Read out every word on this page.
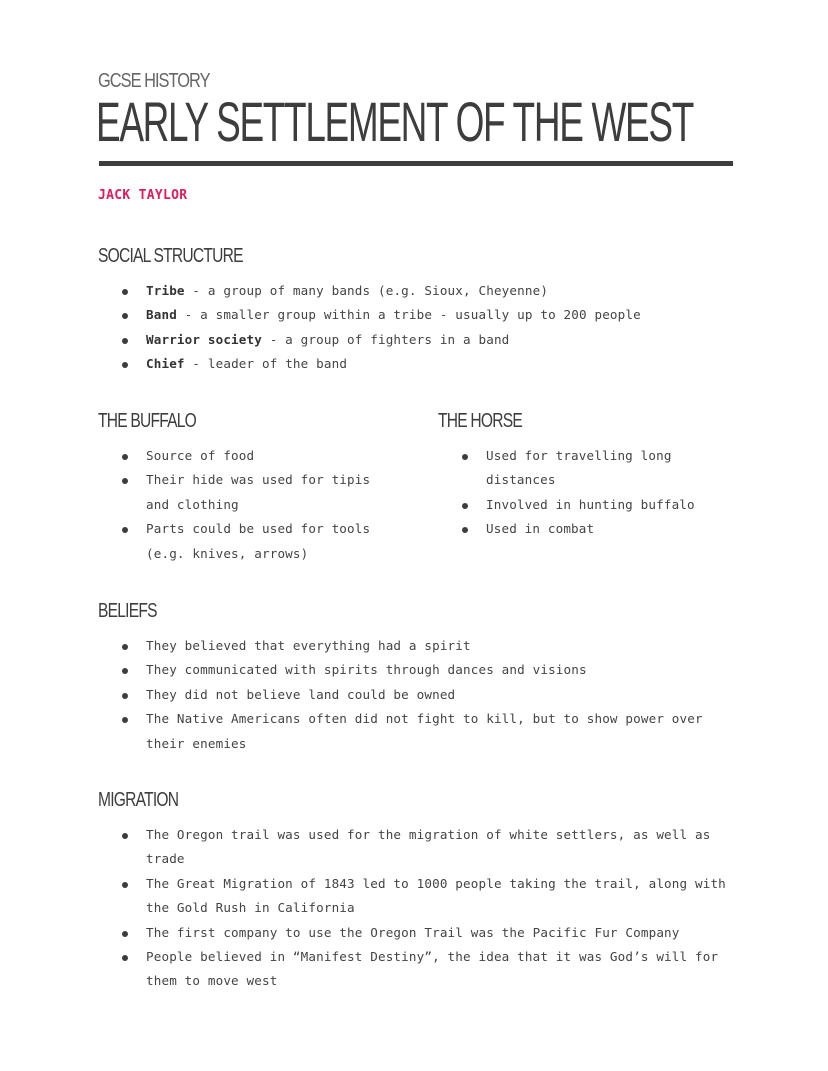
GCSE HISTORY
EARLY SETTLEMENT OF THE WEST
JACK TAYLOR
SOCIAL STRUCTURE
Tribe - a group of many bands (e.g. Sioux, Cheyenne)
Band - a smaller group within a tribe - usually up to 200 people
Warrior society - a group of fighters in a band
Chief - leader of the band
THE BUFFALO
Source of food
Their hide was used for tipis and clothing
Parts could be used for tools (e.g. knives, arrows)
THE HORSE
Used for travelling long distances
Involved in hunting buffalo
Used in combat
BELIEFS
They believed that everything had a spirit
They communicated with spirits through dances and visions
They did not believe land could be owned
The Native Americans often did not fight to kill, but to show power over their enemies
MIGRATION
The Oregon trail was used for the migration of white settlers, as well as trade
The Great Migration of 1843 led to 1000 people taking the trail, along with the Gold Rush in California
The first company to use the Oregon Trail was the Pacific Fur Company
People believed in “Manifest Destiny”, the idea that it was God’s will for them to move west
